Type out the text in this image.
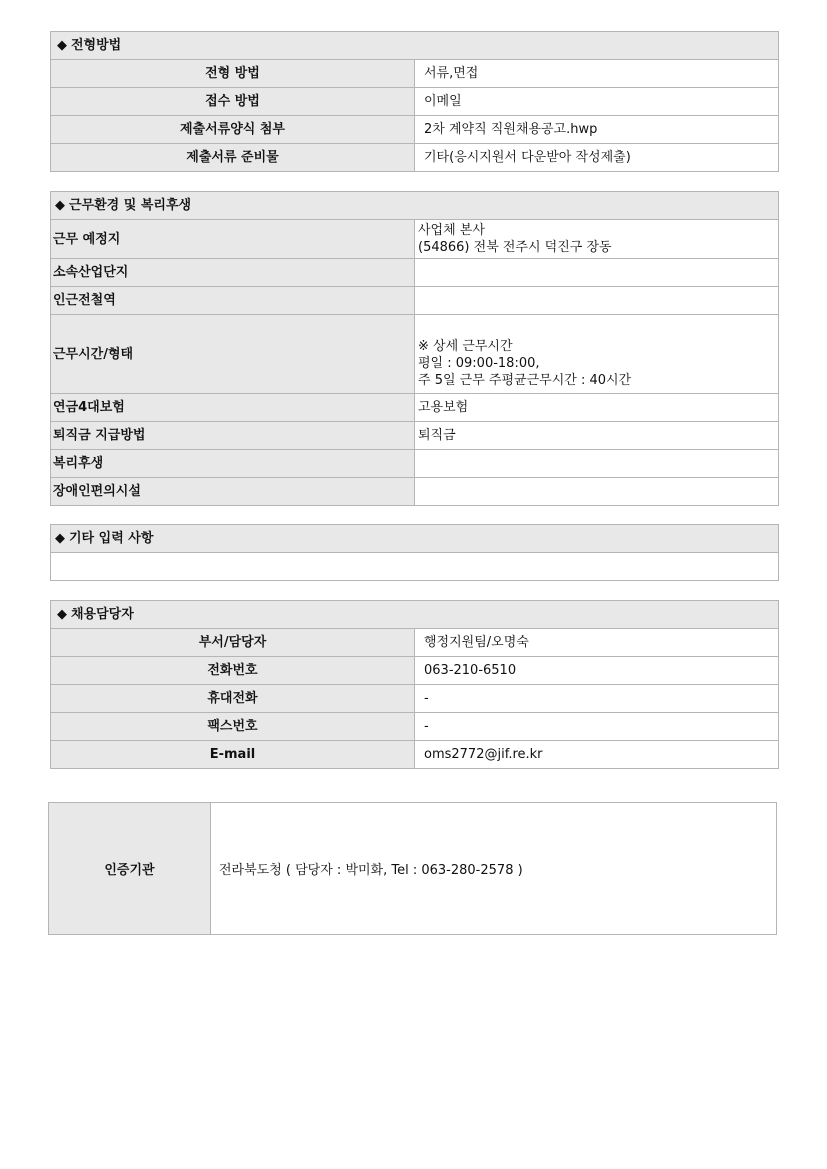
◆ 전형방법	
전형 방법	서류,면접
접수 방법	이메일
제출서류양식 첨부	2차 계약직 직원채용공고.hwp
제출서류 준비물	기타(응시지원서 다운받아 작성제출)
◆ 근무환경 및 복리후생	
근무 예정지	사업체 본사
(54866) 전북 전주시 덕진구 장동

소속산업단지	
인근전철역	
근무시간/형태	※ 상세 근무시간
평일 : 09:00-18:00,
주 5일 근무 주평균근무시간 : 40시간

연금4대보험	고용보험
퇴직금 지급방법	퇴직금
복리후생	
장애인편의시설	
◆ 기타 입력 사항

◆ 채용담당자	
부서/담당자	행정지원팀/오명숙
전화번호	063-210-6510
휴대전화	-
팩스번호	-
E-mail	oms2772@jif.re.kr
인증기관	전라북도청 ( 담당자 : 박미화, Tel : 063-280-2578 )
